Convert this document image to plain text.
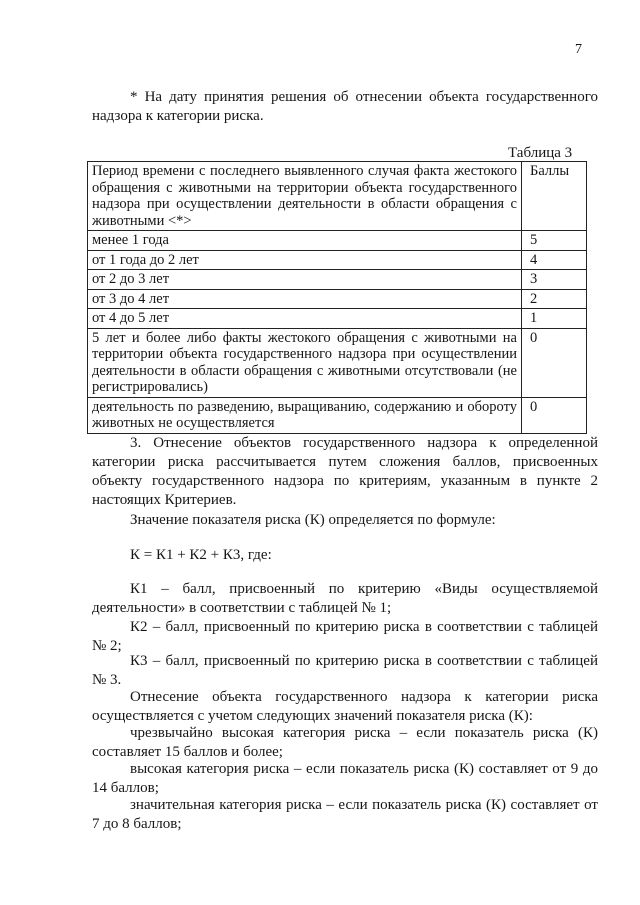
7
* На дату принятия решения об отнесении объекта государственного надзора к категории риска.
Таблица 3
Период времени с последнего выявленного случая факта жестокого обращения с животными на территории объекта государственного надзора при осуществлении деятельности в области обращения с животными <*>	Баллы
менее 1 года	5
от 1 года до 2 лет	4
от 2 до 3 лет	3
от 3 до 4 лет	2
от 4 до 5 лет	1
5 лет и более либо факты жестокого обращения с животными на территории объекта государственного надзора при осуществлении деятельности в области обращения с животными отсутствовали (не регистрировались)	0
деятельность по разведению, выращиванию, содержанию и обороту животных не осуществляется	0
3. Отнесение объектов государственного надзора к определенной категории риска рассчитывается путем сложения баллов, присвоенных объекту государственного надзора по критериям, указанным в пункте 2 настоящих Критериев.
Значение показателя риска (К) определяется по формуле:
К = К1 + К2 + К3, где:
К1 – балл, присвоенный по критерию «Виды осуществляемой деятельности» в соответствии с таблицей № 1;
К2 – балл, присвоенный по критерию риска в соответствии с таблицей № 2;
К3 – балл, присвоенный по критерию риска в соответствии с таблицей № 3.
Отнесение объекта государственного надзора к категории риска осуществляется с учетом следующих значений показателя риска (К):
чрезвычайно высокая категория риска – если показатель риска (К) составляет 15 баллов и более;
высокая категория риска – если показатель риска (К) составляет от 9 до 14 баллов;
значительная категория риска – если показатель риска (К) составляет от 7 до 8 баллов;
